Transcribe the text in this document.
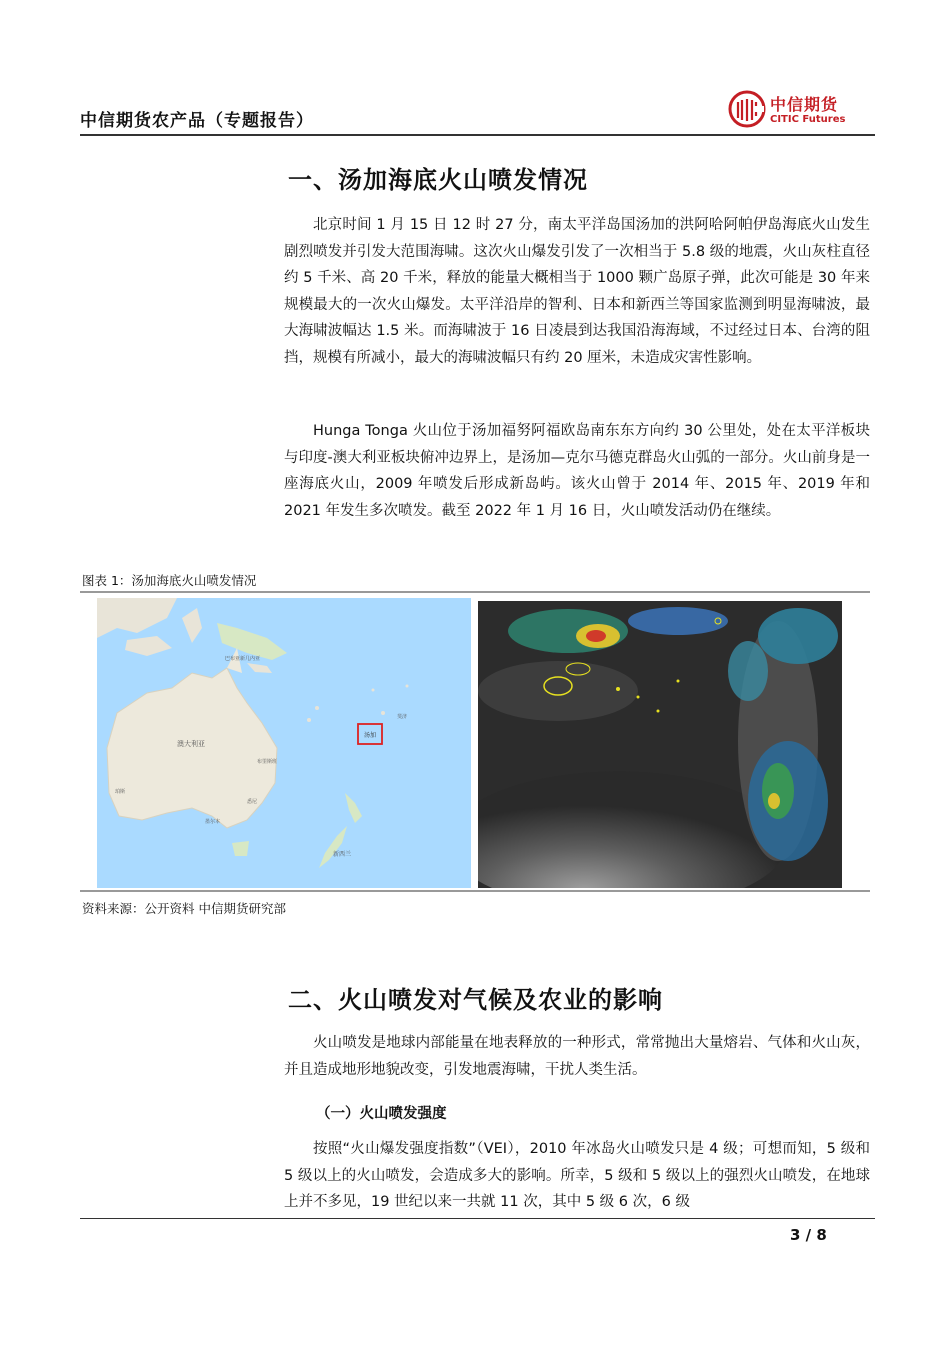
中信期货农产品（专题报告）
中信期货
CITIC Futures
一、汤加海底火山喷发情况

北京时间 1 月 15 日 12 时 27 分，南太平洋岛国汤加的洪阿哈阿帕伊岛海底火山发生剧烈喷发并引发大范围海啸。这次火山爆发引发了一次相当于 5.8 级的地震，火山灰柱直径约 5 千米、高 20 千米，释放的能量大概相当于 1000 颗广岛原子弹，此次可能是 30 年来规模最大的一次火山爆发。太平洋沿岸的智利、日本和新西兰等国家监测到明显海啸波，最大海啸波幅达 1.5 米。而海啸波于 16 日凌晨到达我国沿海海域，不过经过日本、台湾的阻挡，规模有所减小，最大的海啸波幅只有约 20 厘米，未造成灾害性影响。

Hunga Tonga 火山位于汤加福努阿福欧岛南东东方向约 30 公里处，处在太平洋板块与印度-澳大利亚板块俯冲边界上，是汤加—克尔马德克群岛火山弧的一部分。火山前身是一座海底火山，2009 年喷发后形成新岛屿。该火山曾于 2014 年、2015 年、2019 年和 2021 年发生多次喷发。截至 2022 年 1 月 16 日，火山喷发活动仍在继续。

图表 1：汤加海底火山喷发情况
汤加
澳大利亚
巴布亚新几内亚
新西兰
悉尼
墨尔本
珀斯
布里斯班
斐济
资料来源：公开资料 中信期货研究部
二、火山喷发对气候及农业的影响

火山喷发是地球内部能量在地表释放的一种形式，常常抛出大量熔岩、气体和火山灰，并且造成地形地貌改变，引发地震海啸，干扰人类生活。

（一）火山喷发强度

按照“火山爆发强度指数”（VEI），2010 年冰岛火山喷发只是 4 级；可想而知，5 级和 5 级以上的火山喷发，会造成多大的影响。所幸，5 级和 5 级以上的强烈火山喷发，在地球上并不多见，19 世纪以来一共就 11 次，其中 5 级 6 次，6 级

3 / 8
